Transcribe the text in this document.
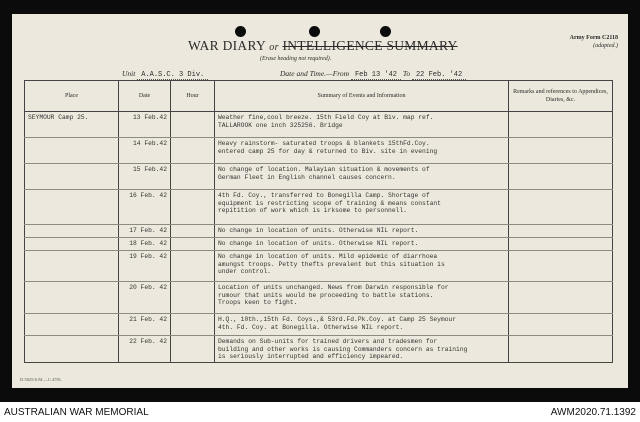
WAR DIARY or INTELLIGENCE SUMMARY
(Erase heading not required).
Army Form C2118
(adapted.)
Unit A.A.S.C. 3 Div.	Date and Time.—From Feb 13 '42 To 22 Feb. '42
Place	Date	Hour	Summary of Events and Information	Remarks and references to Appendices, Diaries, &c.
SEYMOUR Camp 25.	13 Feb.42		Weather fine,cool breeze. 15th Field Coy at Biv. map ref.
TALLAROOK one inch 325256. Bridge	
	14 Feb.42		Heavy rainstorm- saturated troops & blankets 15thFd.Coy.
entered camp 25 for day & returned to Biv. site in evening	
	15 Feb.42		No change of location. Malayian situation & movements of
German Fleet in English channel causes concern.	
	16 Feb. 42		4th Fd. Coy., transferred to Bonegilla Camp. Shortage of
equipment is restricting scope of training & means constant
repitition of work which is irksome to personnell.	
	17 Feb. 42		No change in location of units. Otherwise NIL report.	
	18 Feb. 42		No change in location of units. Otherwise NIL report.	
	19 Feb. 42		No change in location of units. Mild epidemic of diarrhoea
amungst troops. Petty thefts prevalent but this situation is
under control.	
	20 Feb. 42		Location of units unchanged. News from Darwin responsible for
rumour that units would be proceeding to battle stations.
Troops keen to fight.	
	21 Feb. 42		H.Q., 10th.,15th Fd. Coys.,& 53rd.Fd.Pk.Coy. at Camp 25 Seymour
4th. Fd. Coy. at Bonegilla. Otherwise NIL report.	
	22 Feb. 42		Demands on Sub-units for trained drivers and tradesmen for
building and other works is causing Commanders concern as training
is seriously interrupted and efficiency impeared.	
D.5825/S.M.—C.4781.
AUSTRALIAN WAR MEMORIAL	AWM2020.71.1392
